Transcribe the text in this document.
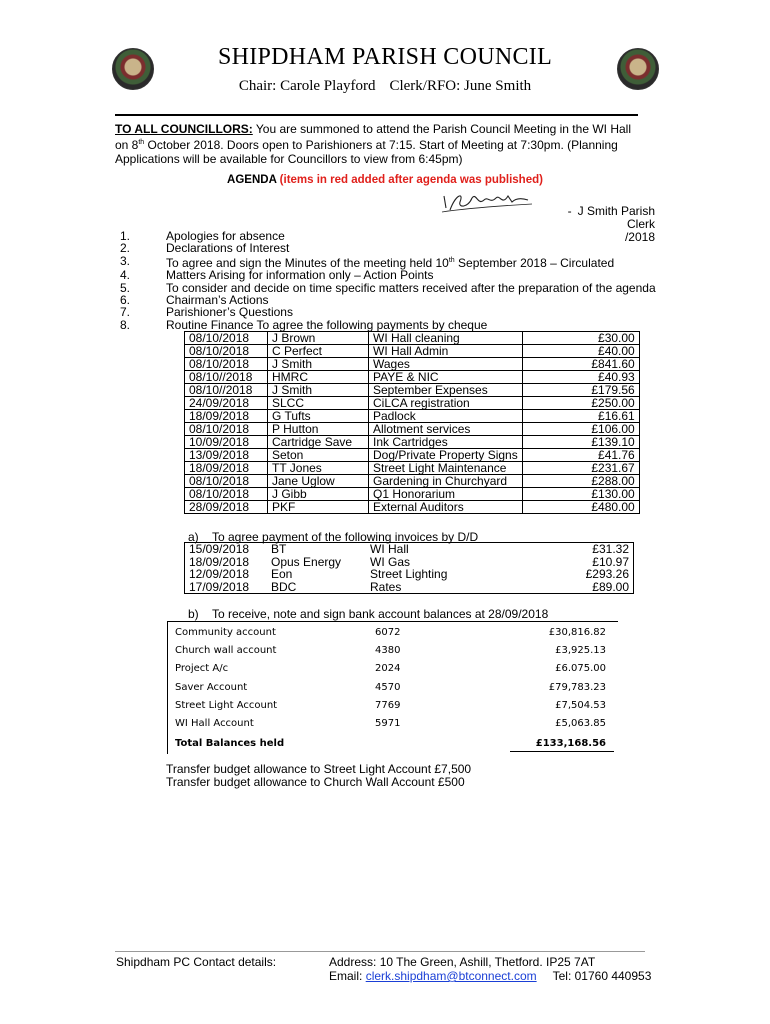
SHIPDHAM PARISH COUNCIL
Chair: Carole Playford Clerk/RFO: June Smith
TO ALL COUNCILLORS: You are summoned to attend the Parish Council Meeting in the WI Hall on 8th October 2018. Doors open to Parishioners at 7:15. Start of Meeting at 7:30pm. (Planning Applications will be available for Councillors to view from 6:45pm)
AGENDA (items in red added after agenda was published)
- J Smith Parish Clerk
/2018
1.	Apologies for absence
2.	Declarations of Interest
3.	To agree and sign the Minutes of the meeting held 10th September 2018 – Circulated
4.	Matters Arising for information only – Action Points
5.	To consider and decide on time specific matters received after the preparation of the agenda
6.	Chairman’s Actions
7.	Parishioner’s Questions
8.	Routine Finance To agree the following payments by cheque
08/10/2018	J Brown	WI Hall cleaning	£30.00
08/10/2018	C Perfect	WI Hall Admin	£40.00
08/10/2018	J Smith	Wages	£841.60
08/10//2018	HMRC	PAYE & NIC	£40.93
08/10//2018	J Smith	September Expenses	£179.56
24/09/2018	SLCC	CiLCA registration	£250.00
18/09/2018	G Tufts	Padlock	£16.61
08/10/2018	P Hutton	Allotment services	£106.00
10/09/2018	Cartridge Save	Ink Cartridges	£139.10
13/09/2018	Seton	Dog/Private Property Signs	£41.76
18/09/2018	TT Jones	Street Light Maintenance	£231.67
08/10/2018	Jane Uglow	Gardening in Churchyard	£288.00
08/10/2018	J Gibb	Q1 Honorarium	£130.00
28/09/2018	PKF	External Auditors	£480.00
a) To agree payment of the following invoices by D/D
15/09/2018	BT	WI Hall	£31.32
18/09/2018	Opus Energy	WI Gas	£10.97
12/09/2018	Eon	Street Lighting	£293.26
17/09/2018	BDC	Rates	£89.00
b) To receive, note and sign bank account balances at 28/09/2018
Community account	6072	£30,816.82
Church wall account	4380	£3,925.13
Project A/c	2024	£6.075.00
Saver Account	4570	£79,783.23
Street Light Account	7769	£7,504.53
WI Hall Account	5971	£5,063.85
Total Balances held	£133,168.56
Transfer budget allowance to Street Light Account £7,500
Transfer budget allowance to Church Wall Account £500
Shipdham PC Contact details:	Address: 10 The Green, Ashill, Thetford. IP25 7AT
Email: clerk.shipdham@btconnect.com Tel: 01760 440953
